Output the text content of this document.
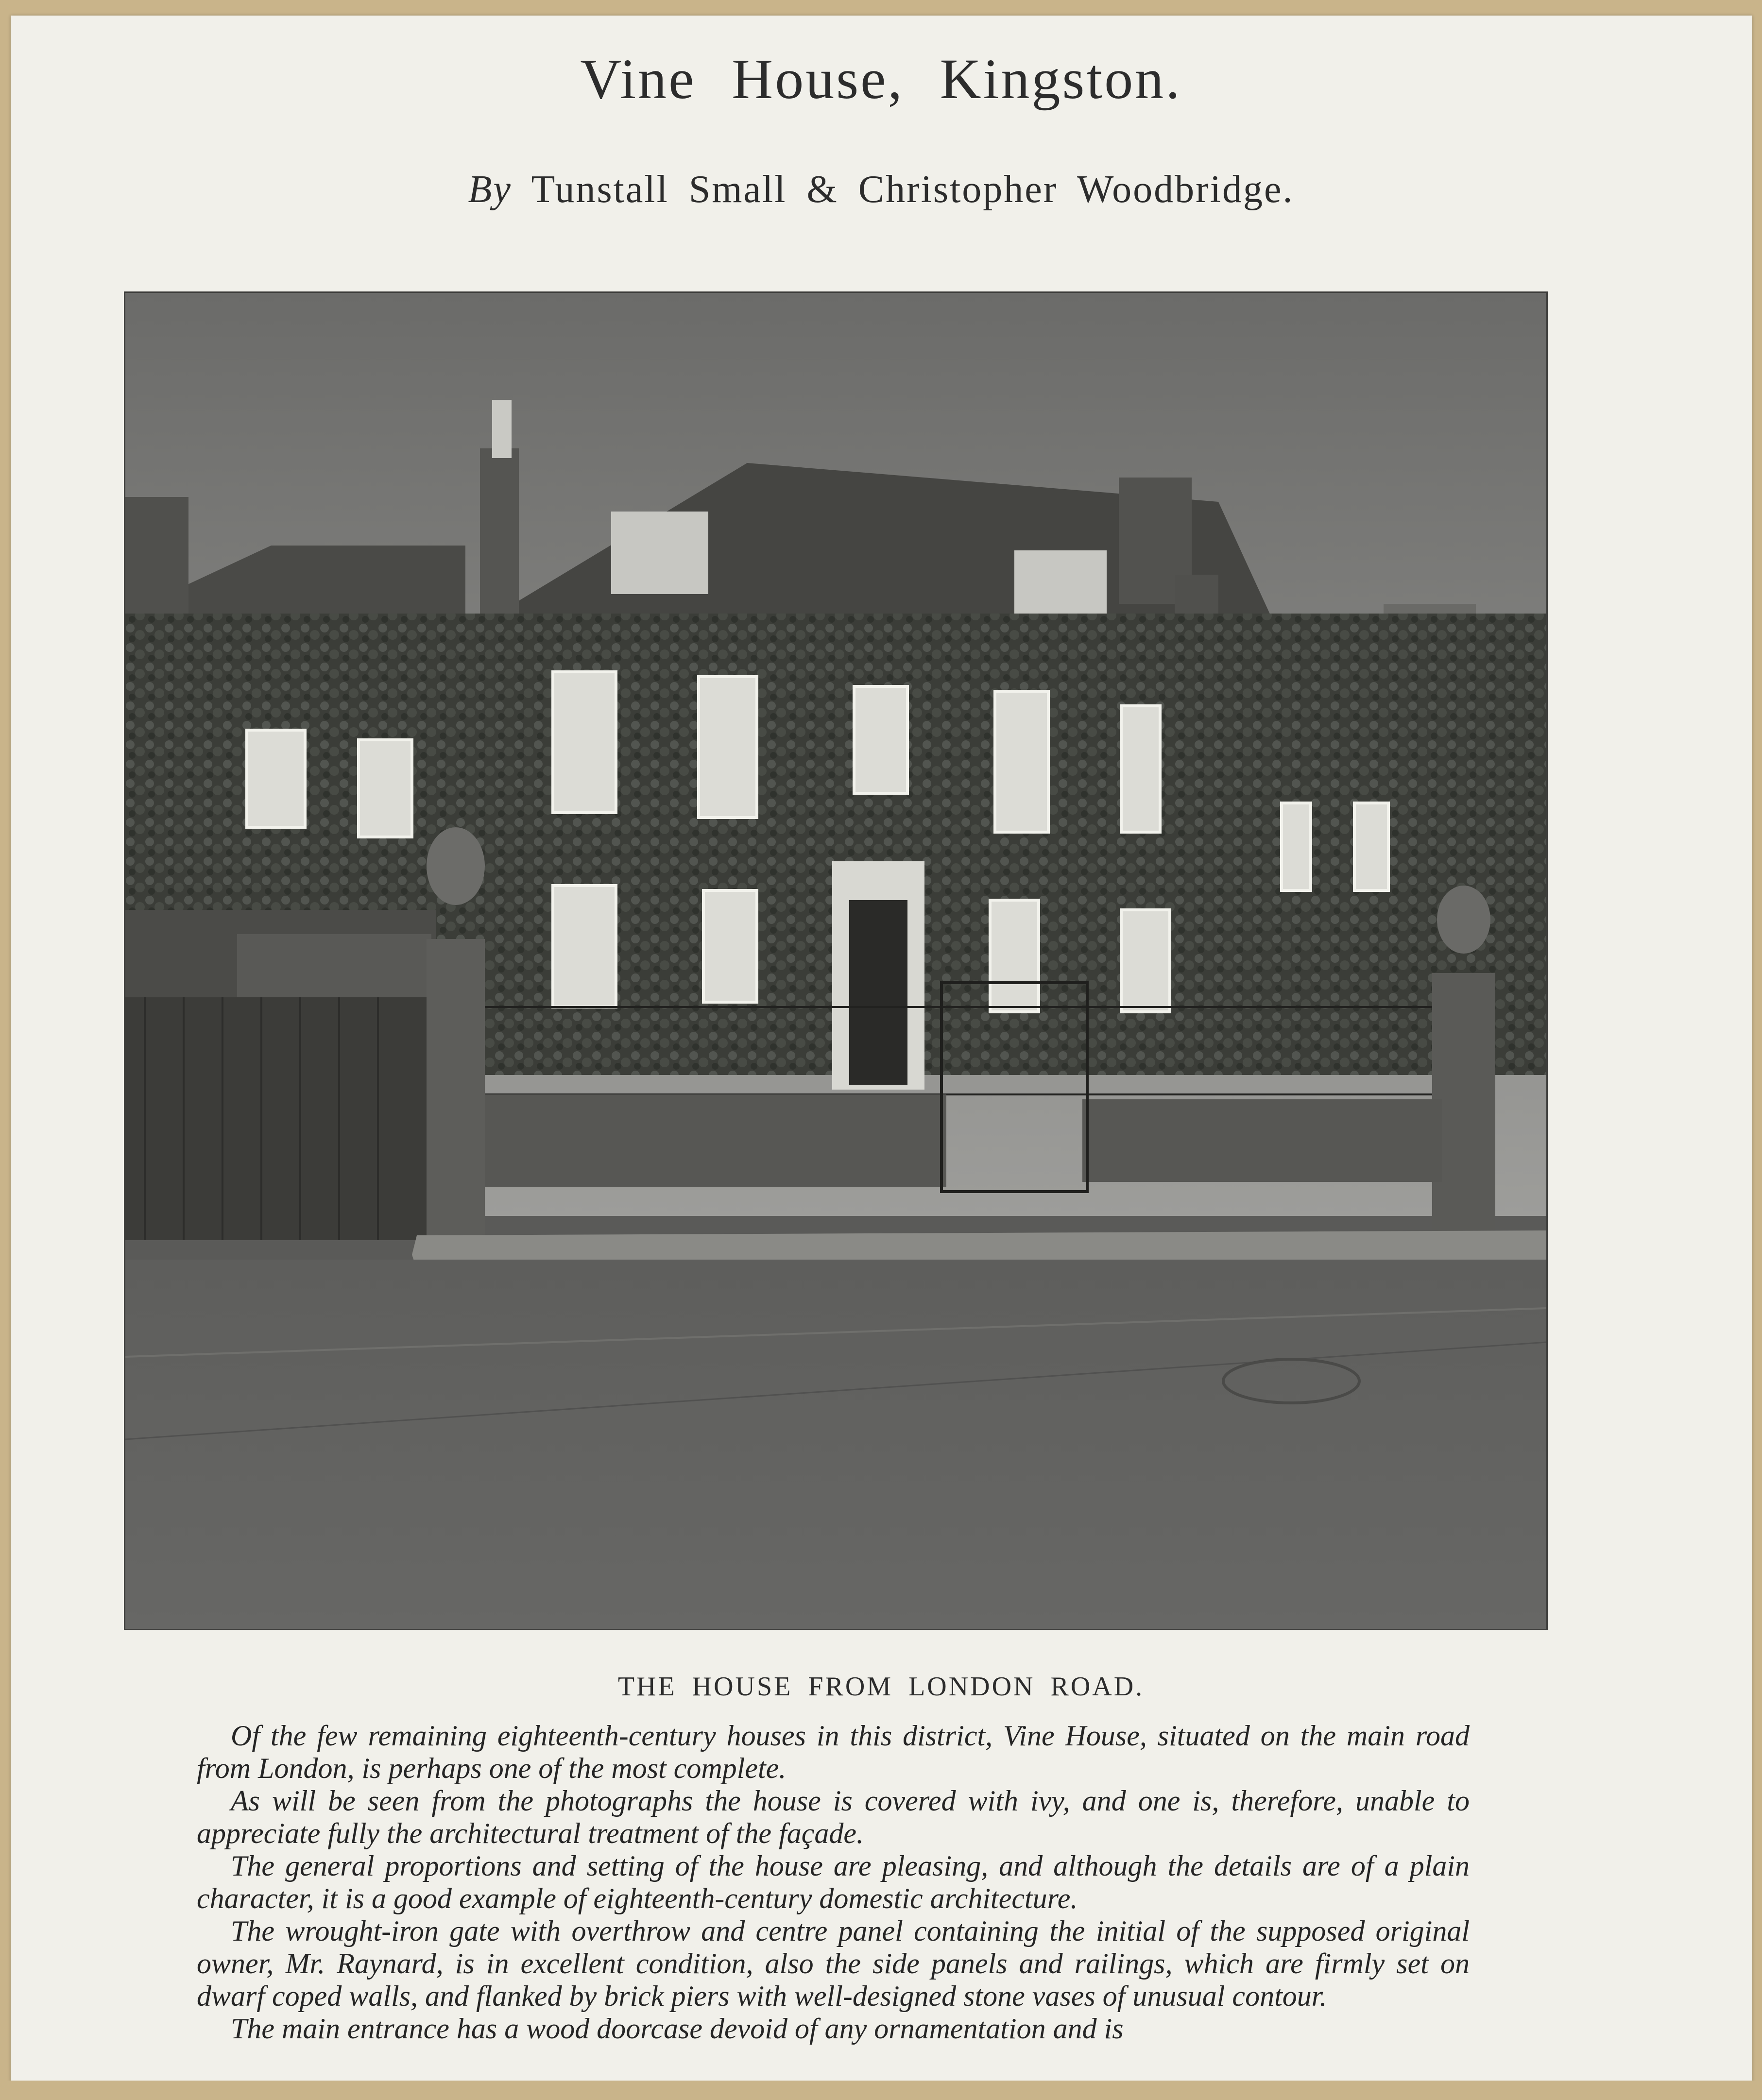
Vine House, Kingston.
By Tunstall Small & Christopher Woodbridge.
THE HOUSE FROM LONDON ROAD.

Of the few remaining eighteenth-century houses in this district, Vine House, situated on the main road from London, is perhaps one of the most complete.

As will be seen from the photographs the house is covered with ivy, and one is, therefore, unable to appreciate fully the architectural treatment of the façade.

The general proportions and setting of the house are pleasing, and although the details are of a plain character, it is a good example of eighteenth-century domestic architecture.

The wrought-iron gate with overthrow and centre panel containing the initial of the supposed original owner, Mr. Raynard, is in excellent condition, also the side panels and railings, which are firmly set on dwarf coped walls, and flanked by brick piers with well-designed stone vases of unusual contour.

The main entrance has a wood doorcase devoid of any ornamentation and is
